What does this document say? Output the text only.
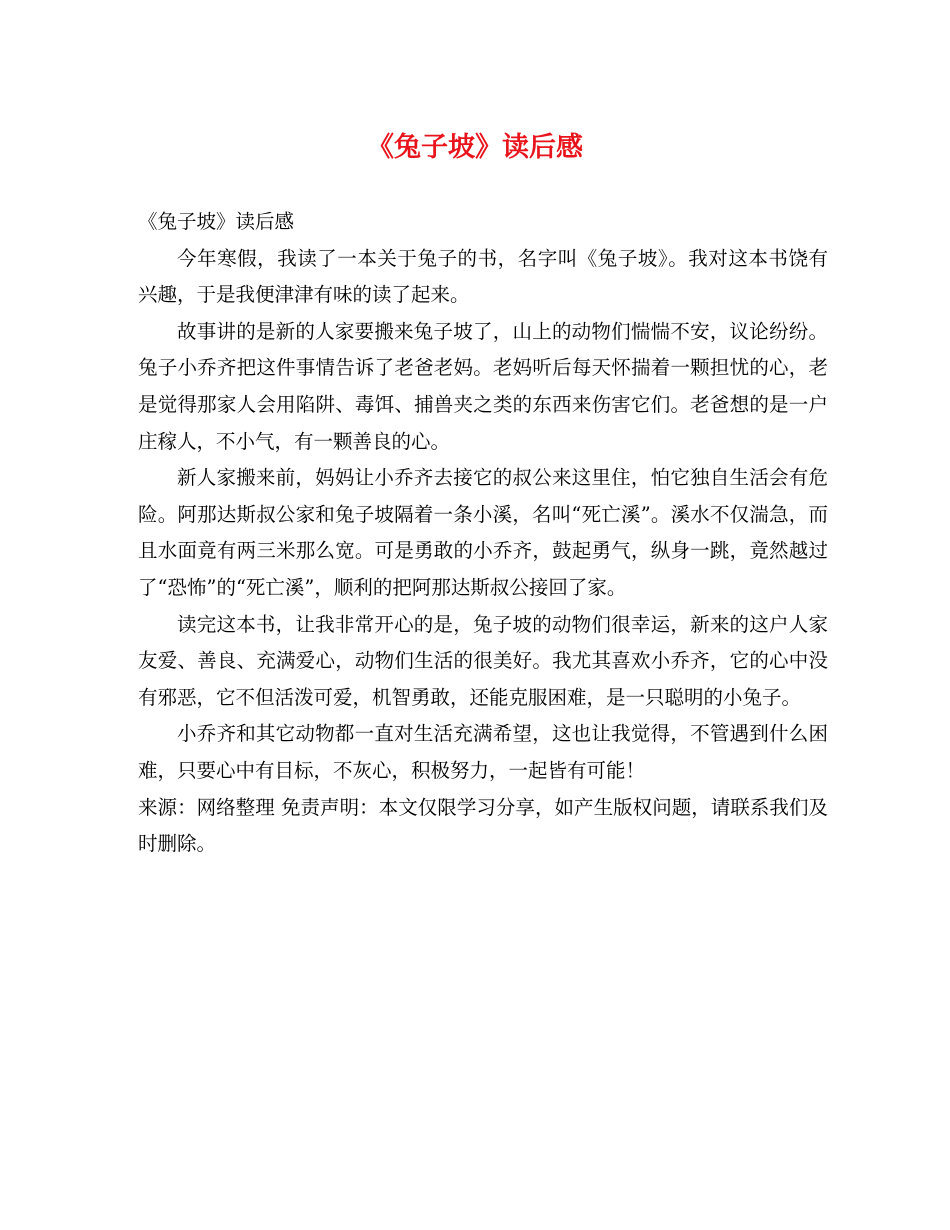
《兔子坡》读后感

《兔子坡》读后感

今年寒假，我读了一本关于兔子的书，名字叫《兔子坡》。我对这本书饶有兴趣，于是我便津津有味的读了起来。

故事讲的是新的人家要搬来兔子坡了，山上的动物们惴惴不安，议论纷纷。兔子小乔齐把这件事情告诉了老爸老妈。老妈听后每天怀揣着一颗担忧的心，老是觉得那家人会用陷阱、毒饵、捕兽夹之类的东西来伤害它们。老爸想的是一户庄稼人，不小气，有一颗善良的心。

新人家搬来前，妈妈让小乔齐去接它的叔公来这里住，怕它独自生活会有危险。阿那达斯叔公家和兔子坡隔着一条小溪，名叫“死亡溪”。溪水不仅湍急，而且水面竟有两三米那么宽。可是勇敢的小乔齐，鼓起勇气，纵身一跳，竟然越过了“恐怖”的“死亡溪”，顺利的把阿那达斯叔公接回了家。

读完这本书，让我非常开心的是，兔子坡的动物们很幸运，新来的这户人家友爱、善良、充满爱心，动物们生活的很美好。我尤其喜欢小乔齐，它的心中没有邪恶，它不但活泼可爱，机智勇敢，还能克服困难，是一只聪明的小兔子。

小乔齐和其它动物都一直对生活充满希望，这也让我觉得，不管遇到什么困难，只要心中有目标，不灰心，积极努力，一起皆有可能！

来源：网络整理 免责声明：本文仅限学习分享，如产生版权问题，请联系我们及时删除。
